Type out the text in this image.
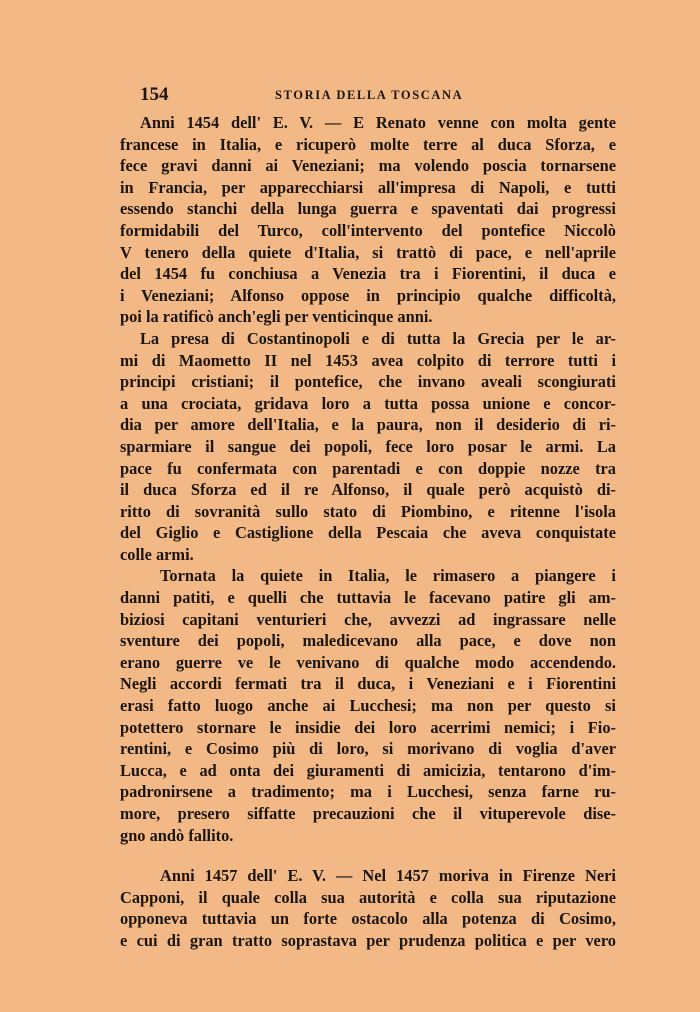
154	STORIA DELLA TOSCANA
Anni 1454 dell' E. V. — E Renato venne con molta gente
francese in Italia, e ricuperò molte terre al duca Sforza, e
fece gravi danni ai Veneziani; ma volendo poscia tornarsene
in Francia, per apparecchiarsi all'impresa di Napoli, e tutti
essendo stanchi della lunga guerra e spaventati dai progressi
formidabili del Turco, coll'intervento del pontefice Niccolò
V tenero della quiete d'Italia, si trattò di pace, e nell'aprile
del 1454 fu conchiusa a Venezia tra i Fiorentini, il duca e
i Veneziani; Alfonso oppose in principio qualche difficoltà,
poi la ratificò anch'egli per venticinque anni.
La presa di Costantinopoli e di tutta la Grecia per le ar-
mi di Maometto II nel 1453 avea colpito di terrore tutti i
principi cristiani; il pontefice, che invano aveali scongiurati
a una crociata, gridava loro a tutta possa unione e concor-
dia per amore dell'Italia, e la paura, non il desiderio di ri-
sparmiare il sangue dei popoli, fece loro posar le armi. La
pace fu confermata con parentadi e con doppie nozze tra
il duca Sforza ed il re Alfonso, il quale però acquistò di-
ritto di sovranità sullo stato di Piombino, e ritenne l'isola
del Giglio e Castiglione della Pescaia che aveva conquistate
colle armi.
Tornata la quiete in Italia, le rimasero a piangere i
danni patiti, e quelli che tuttavia le facevano patire gli am-
biziosi capitani venturieri che, avvezzi ad ingrassare nelle
sventure dei popoli, maledicevano alla pace, e dove non
erano guerre ve le venivano di qualche modo accendendo.
Negli accordi fermati tra il duca, i Veneziani e i Fiorentini
erasi fatto luogo anche ai Lucchesi; ma non per questo si
potettero stornare le insidie dei loro acerrimi nemici; i Fio-
rentini, e Cosimo più di loro, si morivano di voglia d'aver
Lucca, e ad onta dei giuramenti di amicizia, tentarono d'im-
padronirsene a tradimento; ma i Lucchesi, senza farne ru-
more, presero siffatte precauzioni che il vituperevole dise-
gno andò fallito.
Anni 1457 dell' E. V. — Nel 1457 moriva in Firenze Neri
Capponi, il quale colla sua autorità e colla sua riputazione
opponeva tuttavia un forte ostacolo alla potenza di Cosimo,
e cui di gran tratto soprastava per prudenza politica e per vero
